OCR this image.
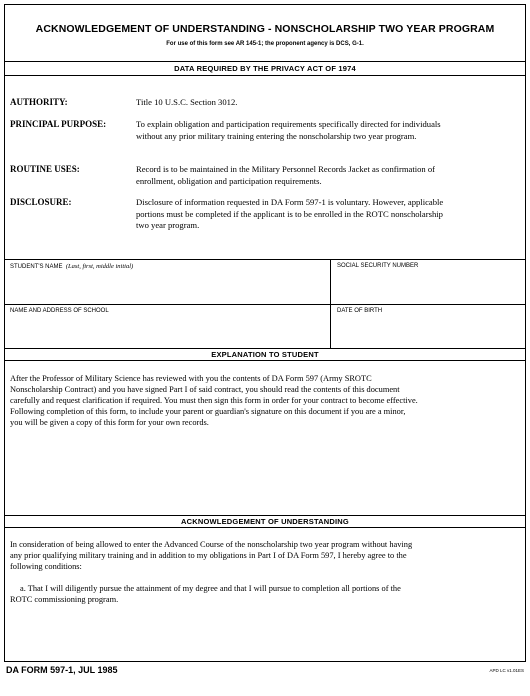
ACKNOWLEDGEMENT OF UNDERSTANDING - NONSCHOLARSHIP TWO YEAR PROGRAM
For use of this form see AR 145-1; the proponent agency is DCS, G-1.
DATA REQUIRED BY THE PRIVACY ACT OF 1974
AUTHORITY:	Title 10 U.S.C. Section 3012.
PRINCIPAL PURPOSE:	To explain obligation and participation requirements specifically directed for individuals without any prior military training entering the nonscholarship two year program.
ROUTINE USES:	Record is to be maintained in the Military Personnel Records Jacket as confirmation of enrollment, obligation and participation requirements.
DISCLOSURE:	Disclosure of information requested in DA Form 597-1 is voluntary. However, applicable portions must be completed if the applicant is to be enrolled in the ROTC nonscholarship two year program.
STUDENT'S NAME (Last, first, middle initial)	SOCIAL SECURITY NUMBER
NAME AND ADDRESS OF SCHOOL	DATE OF BIRTH
EXPLANATION TO STUDENT
After the Professor of Military Science has reviewed with you the contents of DA Form 597 (Army SROTC Nonscholarship Contract) and you have signed Part I of said contract, you should read the contents of this document carefully and request clarification if required. You must then sign this form in order for your contract to become effective. Following completion of this form, to include your parent or guardian's signature on this document if you are a minor, you will be given a copy of this form for your own records.
ACKNOWLEDGEMENT OF UNDERSTANDING
In consideration of being allowed to enter the Advanced Course of the nonscholarship two year program without having any prior qualifying military training and in addition to my obligations in Part I of DA Form 597, I hereby agree to the following conditions:
a. That I will diligently pursue the attainment of my degree and that I will pursue to completion all portions of the ROTC commissioning program.
DA FORM 597-1, JUL 1985	APD LC v1.01ES
